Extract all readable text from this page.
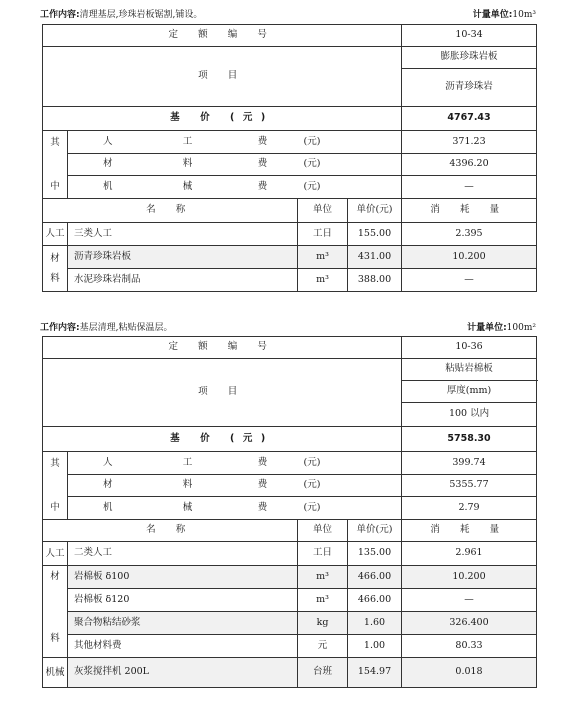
工作内容:清理基层,珍珠岩板锯割,铺设。	计量单位:10m³
定 额 编 号						10-34	
项 目						膨胀珍珠岩板	
						沥青珍珠岩	
基 价 (元)						4767.43	

其
中	人	工	费	(元)		371.23	
	材	料	费	(元)		4396.20	
	机	械	费	(元)		—	
名 称				单位	单价(元)	消 耗 量	
人工	三类人工			工日	155.00	2.395	

材
料	沥青珍珠岩板			m³	431.00	10.200	
	水泥珍珠岩制品			m³	388.00	—	
工作内容:基层清理,粘贴保温层。	计量单位:100m²
定 额 编 号						10-36	
项 目						粘贴岩棉板	
						厚度(mm)	
						100 以内	
基 价 (元)						5758.30	

其
中	人	工	费	(元)		399.74	
	材	料	费	(元)		5355.77	
	机	械	费	(元)		2.79	
名 称				单位	单价(元)	消 耗 量	
人工	二类人工			工日	135.00	2.961	

材
料	岩棉板 δ100			m³	466.00	10.200	
	岩棉板 δ120			m³	466.00	—	
	聚合物粘结砂浆			kg	1.60	326.400	
	其他材料费			元	1.00	80.33	
机械	灰浆搅拌机 200L			台班	154.97	0.018	
